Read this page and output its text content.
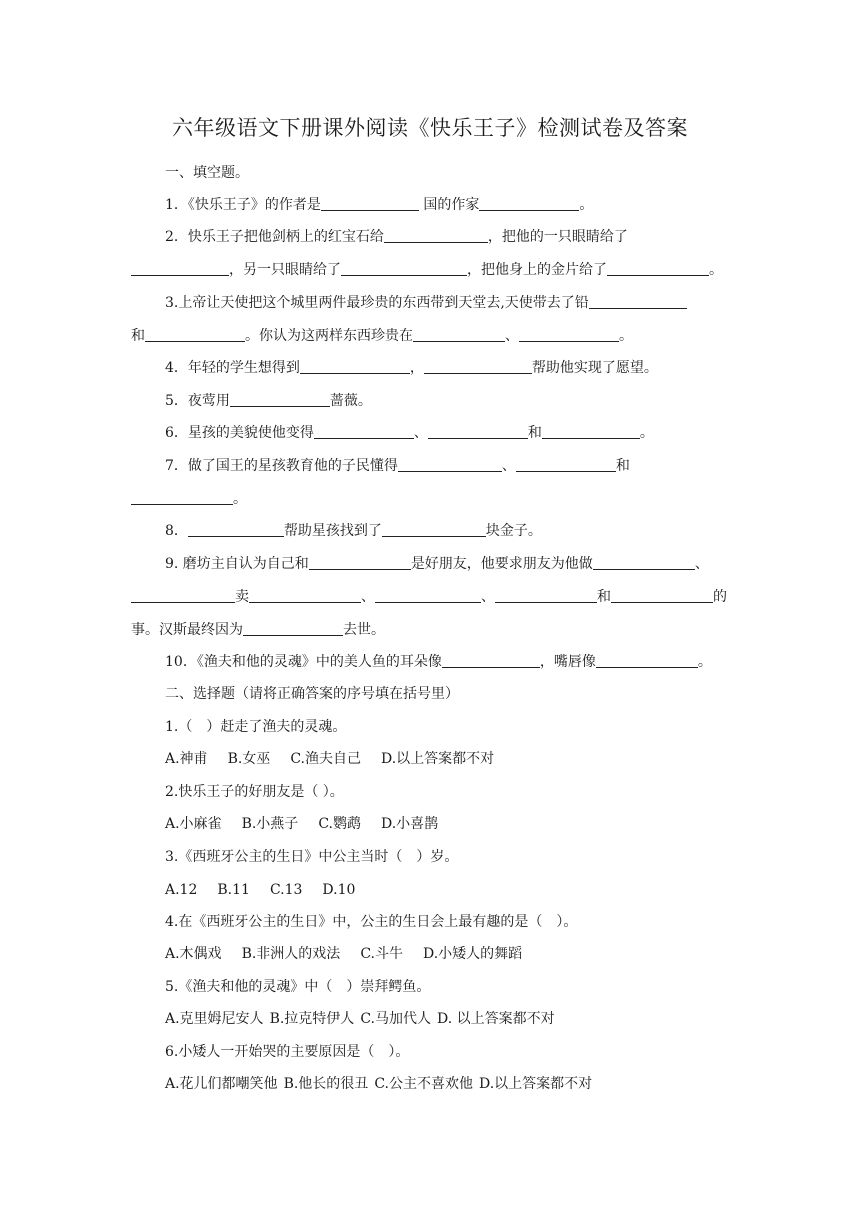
六年级语文下册课外阅读《快乐王子》检测试卷及答案
一、填空题。
1．《快乐王子》的作者是	国的作家	。
2．快乐王子把他剑柄上的红宝石给	，把他的一只眼睛给了
，另一只眼睛给了	，把他身上的金片给了	。
3.上帝让天使把这个城里两件最珍贵的东西带到天堂去,天使带去了铅
和	。你认为这两样东西珍贵在	、	。
4．年轻的学生想得到	，	帮助他实现了愿望。
5．夜莺用	蔷薇。
6．星孩的美貌使他变得	、	和	。
7．做了国王的星孩教育他的子民懂得	、	和
。
8．	帮助星孩找到了	块金子。
9. 磨坊主自认为自己和	是好朋友，他要求朋友为他做	、
卖	、	、	和	的
事。汉斯最终因为	去世。
10．《渔夫和他的灵魂》中的美人鱼的耳朵像	，嘴唇像	。
二、选择题（请将正确答案的序号填在括号里）
1.（　）赶走了渔夫的灵魂。
A.神甫 B.女巫 C.渔夫自己 D.以上答案都不对
2.快乐王子的好朋友是（ ）。
A.小麻雀 B.小燕子 C.鹦鹉 D.小喜鹊
3.《西班牙公主的生日》中公主当时（　）岁。
A.12 B.11 C.13 D.10
4.在《西班牙公主的生日》中，公主的生日会上最有趣的是（　）。
A.木偶戏 B.非洲人的戏法 C.斗牛 D.小矮人的舞蹈
5.《渔夫和他的灵魂》中（　）崇拜鳄鱼。
A.克里姆尼安人 B.拉克特伊人 C.马加代人 D. 以上答案都不对
6.小矮人一开始哭的主要原因是（　）。
A.花儿们都嘲笑他 B.他长的很丑 C.公主不喜欢他 D.以上答案都不对
